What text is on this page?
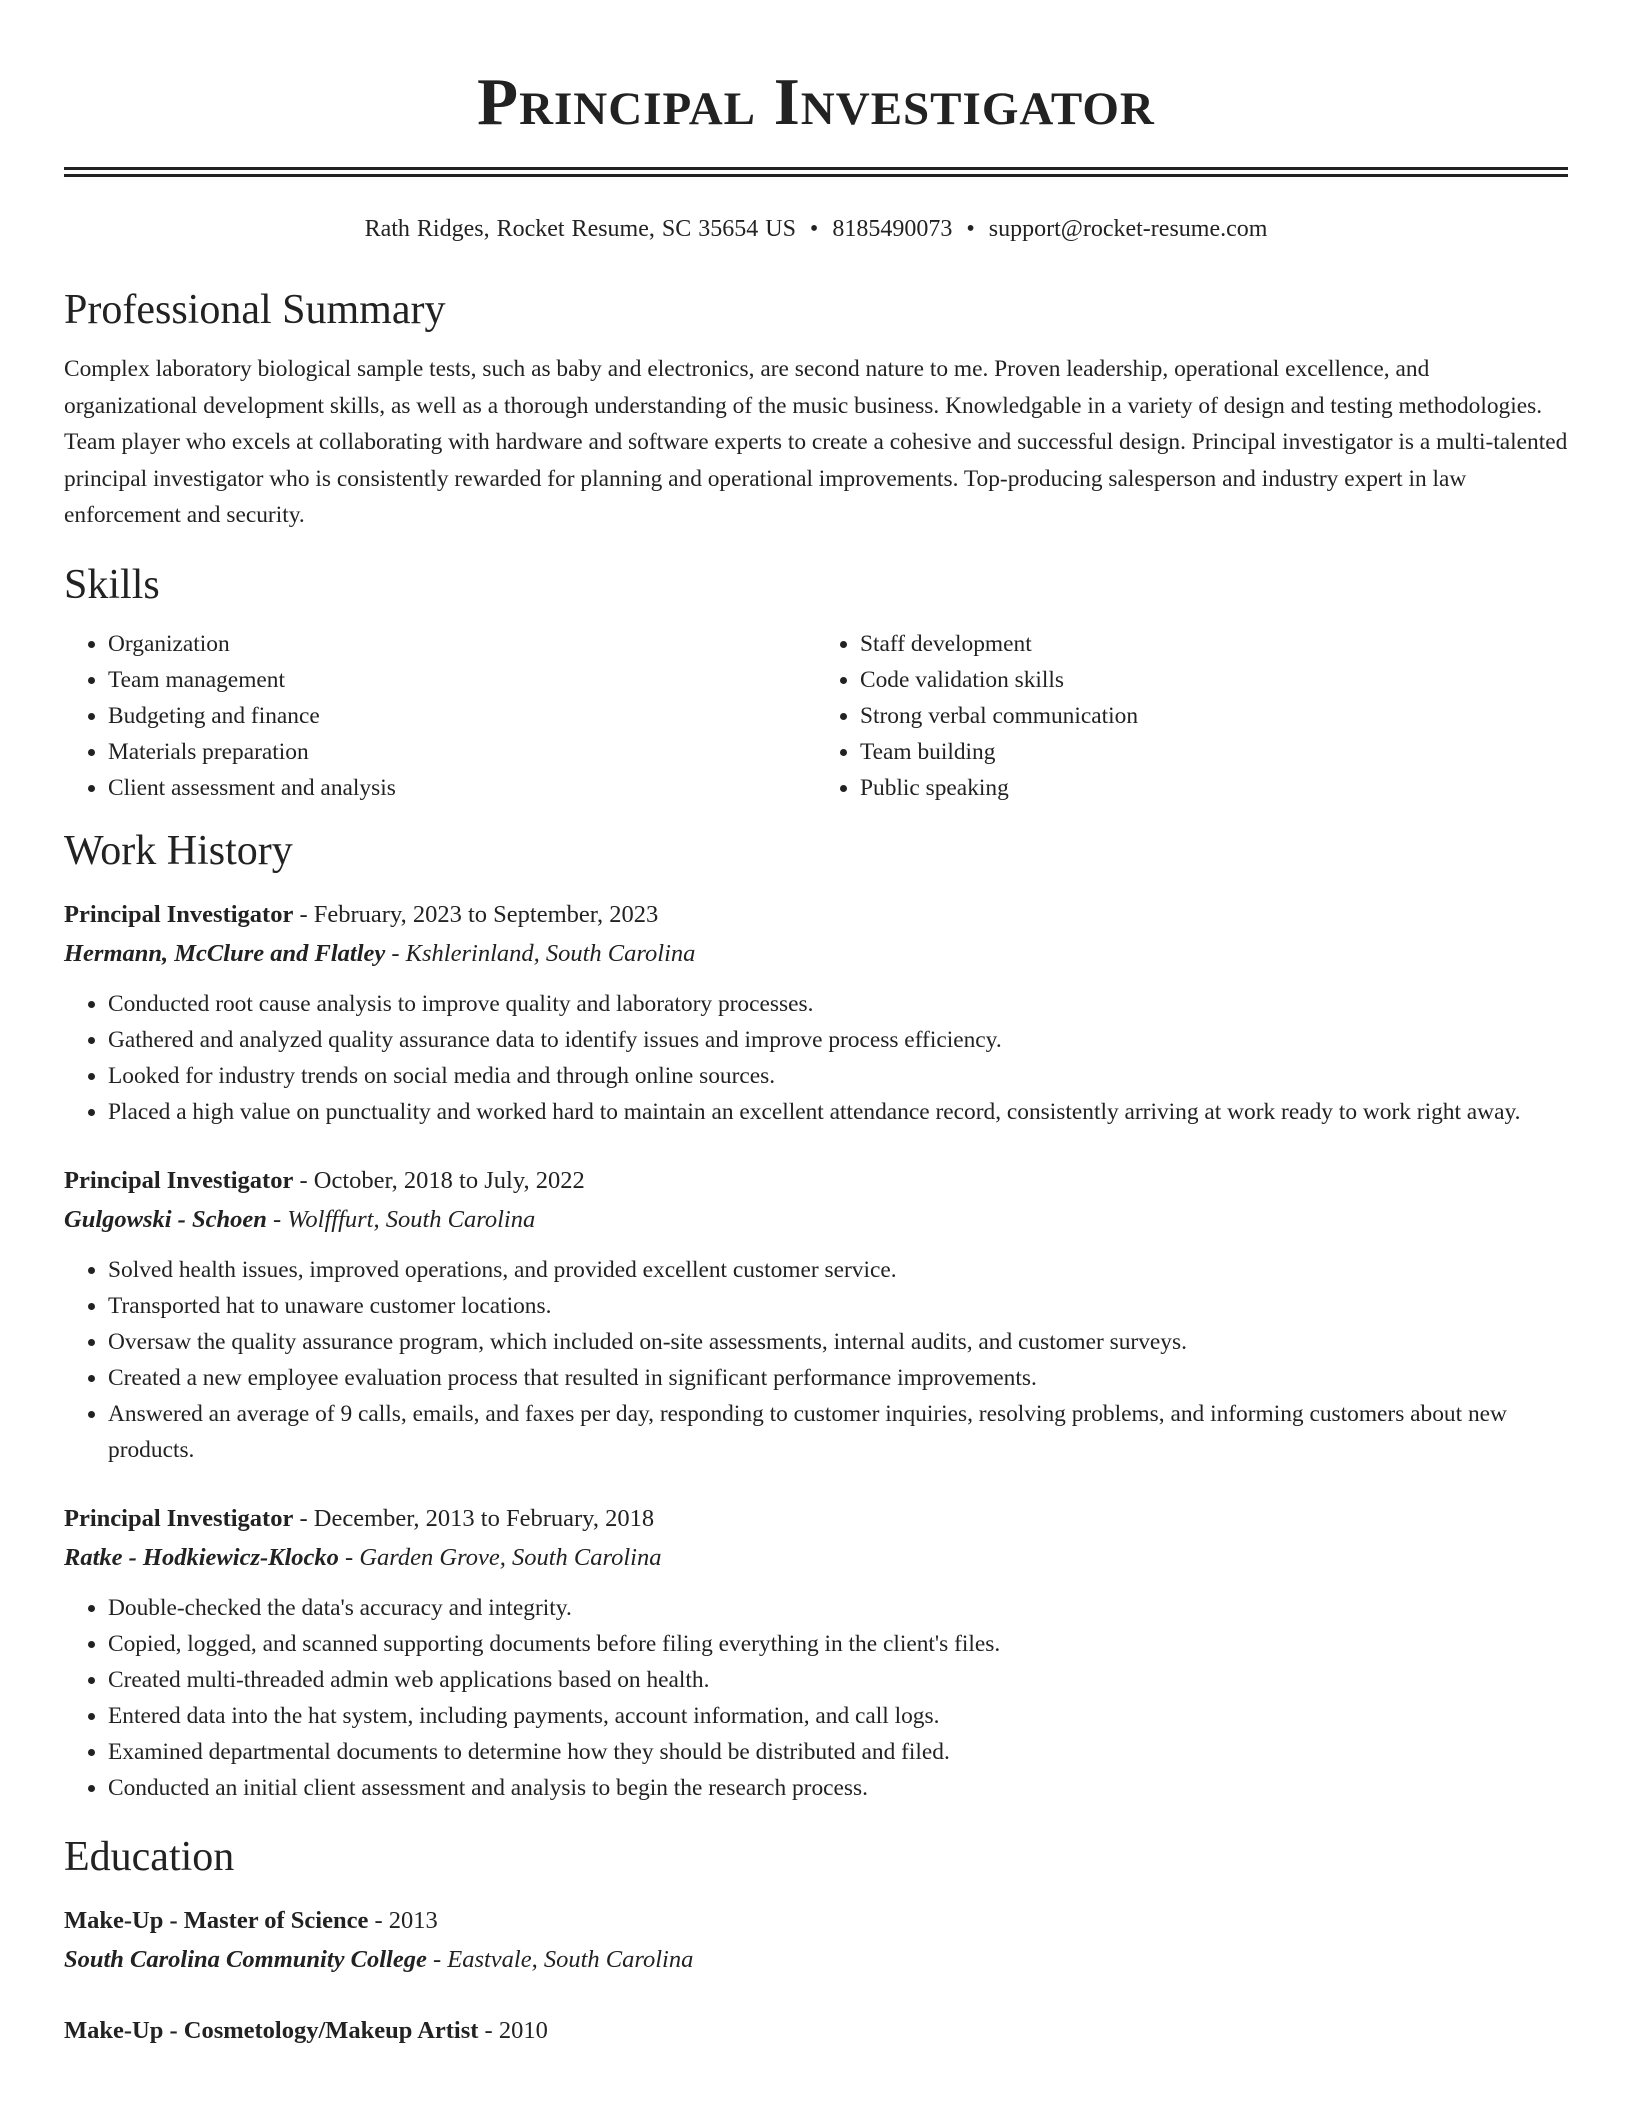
Principal Investigator
Rath Ridges, Rocket Resume, SC 35654 US • 8185490073 • support@rocket-resume.com
Professional Summary

Complex laboratory biological sample tests, such as baby and electronics, are second nature to me. Proven leadership, operational excellence, and organizational development skills, as well as a thorough understanding of the music business. Knowledgable in a variety of design and testing methodologies. Team player who excels at collaborating with hardware and software experts to create a cohesive and successful design. Principal investigator is a multi-talented principal investigator who is consistently rewarded for planning and operational improvements. Top-producing salesperson and industry expert in law enforcement and security.

Skills
• Organization
• Team management
• Budgeting and finance
• Materials preparation
• Client assessment and analysis
• Staff development
• Code validation skills
• Strong verbal communication
• Team building
• Public speaking
Work History
Principal Investigator - February, 2023 to September, 2023
Hermann, McClure and Flatley - Kshlerinland, South Carolina
• Conducted root cause analysis to improve quality and laboratory processes.
• Gathered and analyzed quality assurance data to identify issues and improve process efficiency.
• Looked for industry trends on social media and through online sources.
• Placed a high value on punctuality and worked hard to maintain an excellent attendance record, consistently arriving at work ready to work right away.
Principal Investigator - October, 2018 to July, 2022
Gulgowski - Schoen - Wolfffurt, South Carolina
• Solved health issues, improved operations, and provided excellent customer service.
• Transported hat to unaware customer locations.
• Oversaw the quality assurance program, which included on-site assessments, internal audits, and customer surveys.
• Created a new employee evaluation process that resulted in significant performance improvements.
• Answered an average of 9 calls, emails, and faxes per day, responding to customer inquiries, resolving problems, and informing customers about new products.
Principal Investigator - December, 2013 to February, 2018
Ratke - Hodkiewicz-Klocko - Garden Grove, South Carolina
• Double-checked the data's accuracy and integrity.
• Copied, logged, and scanned supporting documents before filing everything in the client's files.
• Created multi-threaded admin web applications based on health.
• Entered data into the hat system, including payments, account information, and call logs.
• Examined departmental documents to determine how they should be distributed and filed.
• Conducted an initial client assessment and analysis to begin the research process.
Education
Make-Up - Master of Science - 2013
South Carolina Community College - Eastvale, South Carolina
Make-Up - Cosmetology/Makeup Artist - 2010
